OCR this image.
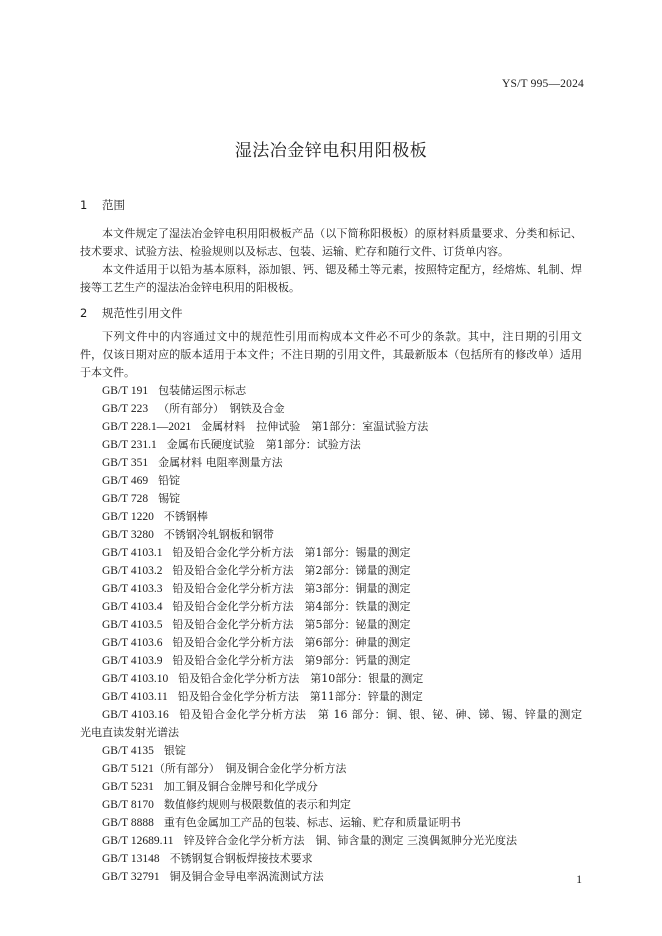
YS/T 995—2024
湿法冶金锌电积用阳极板
1 范围
本文件规定了湿法冶金锌电积用阳极板产品（以下简称阳极板）的原材料质量要求、分类和标记、技术要求、试验方法、检验规则以及标志、包装、运输、贮存和随行文件、订货单内容。
本文件适用于以铅为基本原料，添加银、钙、锶及稀土等元素，按照特定配方，经熔炼、轧制、焊接等工艺生产的湿法冶金锌电积用的阳极板。
2 规范性引用文件
下列文件中的内容通过文中的规范性引用而构成本文件必不可少的条款。其中，注日期的引用文件，仅该日期对应的版本适用于本文件；不注日期的引用文件，其最新版本（包括所有的修改单）适用于本文件。
GB/T 191 包装储运图示标志
GB/T 223 （所有部分）　钢铁及合金
GB/T 228.1—2021 金属材料　拉伸试验　第1部分：室温试验方法
GB/T 231.1 金属布氏硬度试验　第1部分：试验方法
GB/T 351 金属材料 电阻率测量方法
GB/T 469 铅锭
GB/T 728 锡锭
GB/T 1220 不锈钢棒
GB/T 3280 不锈钢冷轧钢板和钢带
GB/T 4103.1 铅及铅合金化学分析方法　第1部分：锡量的测定
GB/T 4103.2 铅及铅合金化学分析方法　第2部分：锑量的测定
GB/T 4103.3 铅及铅合金化学分析方法　第3部分：铜量的测定
GB/T 4103.4 铅及铅合金化学分析方法　第4部分：铁量的测定
GB/T 4103.5 铅及铅合金化学分析方法　第5部分：铋量的测定
GB/T 4103.6 铅及铅合金化学分析方法　第6部分：砷量的测定
GB/T 4103.9 铅及铅合金化学分析方法　第9部分：钙量的测定
GB/T 4103.10 铅及铅合金化学分析方法　第10部分：银量的测定
GB/T 4103.11 铅及铅合金化学分析方法　第11部分：锌量的测定
GB/T 4103.16 铅及铅合金化学分析方法　第 16 部分：铜、银、铋、砷、锑、锡、锌量的测定　光电直读发射光谱法
GB/T 4135 银锭
GB/T 5121（所有部分）　铜及铜合金化学分析方法
GB/T 5231 加工铜及铜合金牌号和化学成分
GB/T 8170 数值修约规则与极限数值的表示和判定
GB/T 8888 重有色金属加工产品的包装、标志、运输、贮存和质量证明书
GB/T 12689.11 锌及锌合金化学分析方法　铜、铈含量的测定 三溴偶氮胂分光光度法
GB/T 13148 不锈钢复合钢板焊接技术要求
GB/T 32791 铜及铜合金导电率涡流测试方法	1
